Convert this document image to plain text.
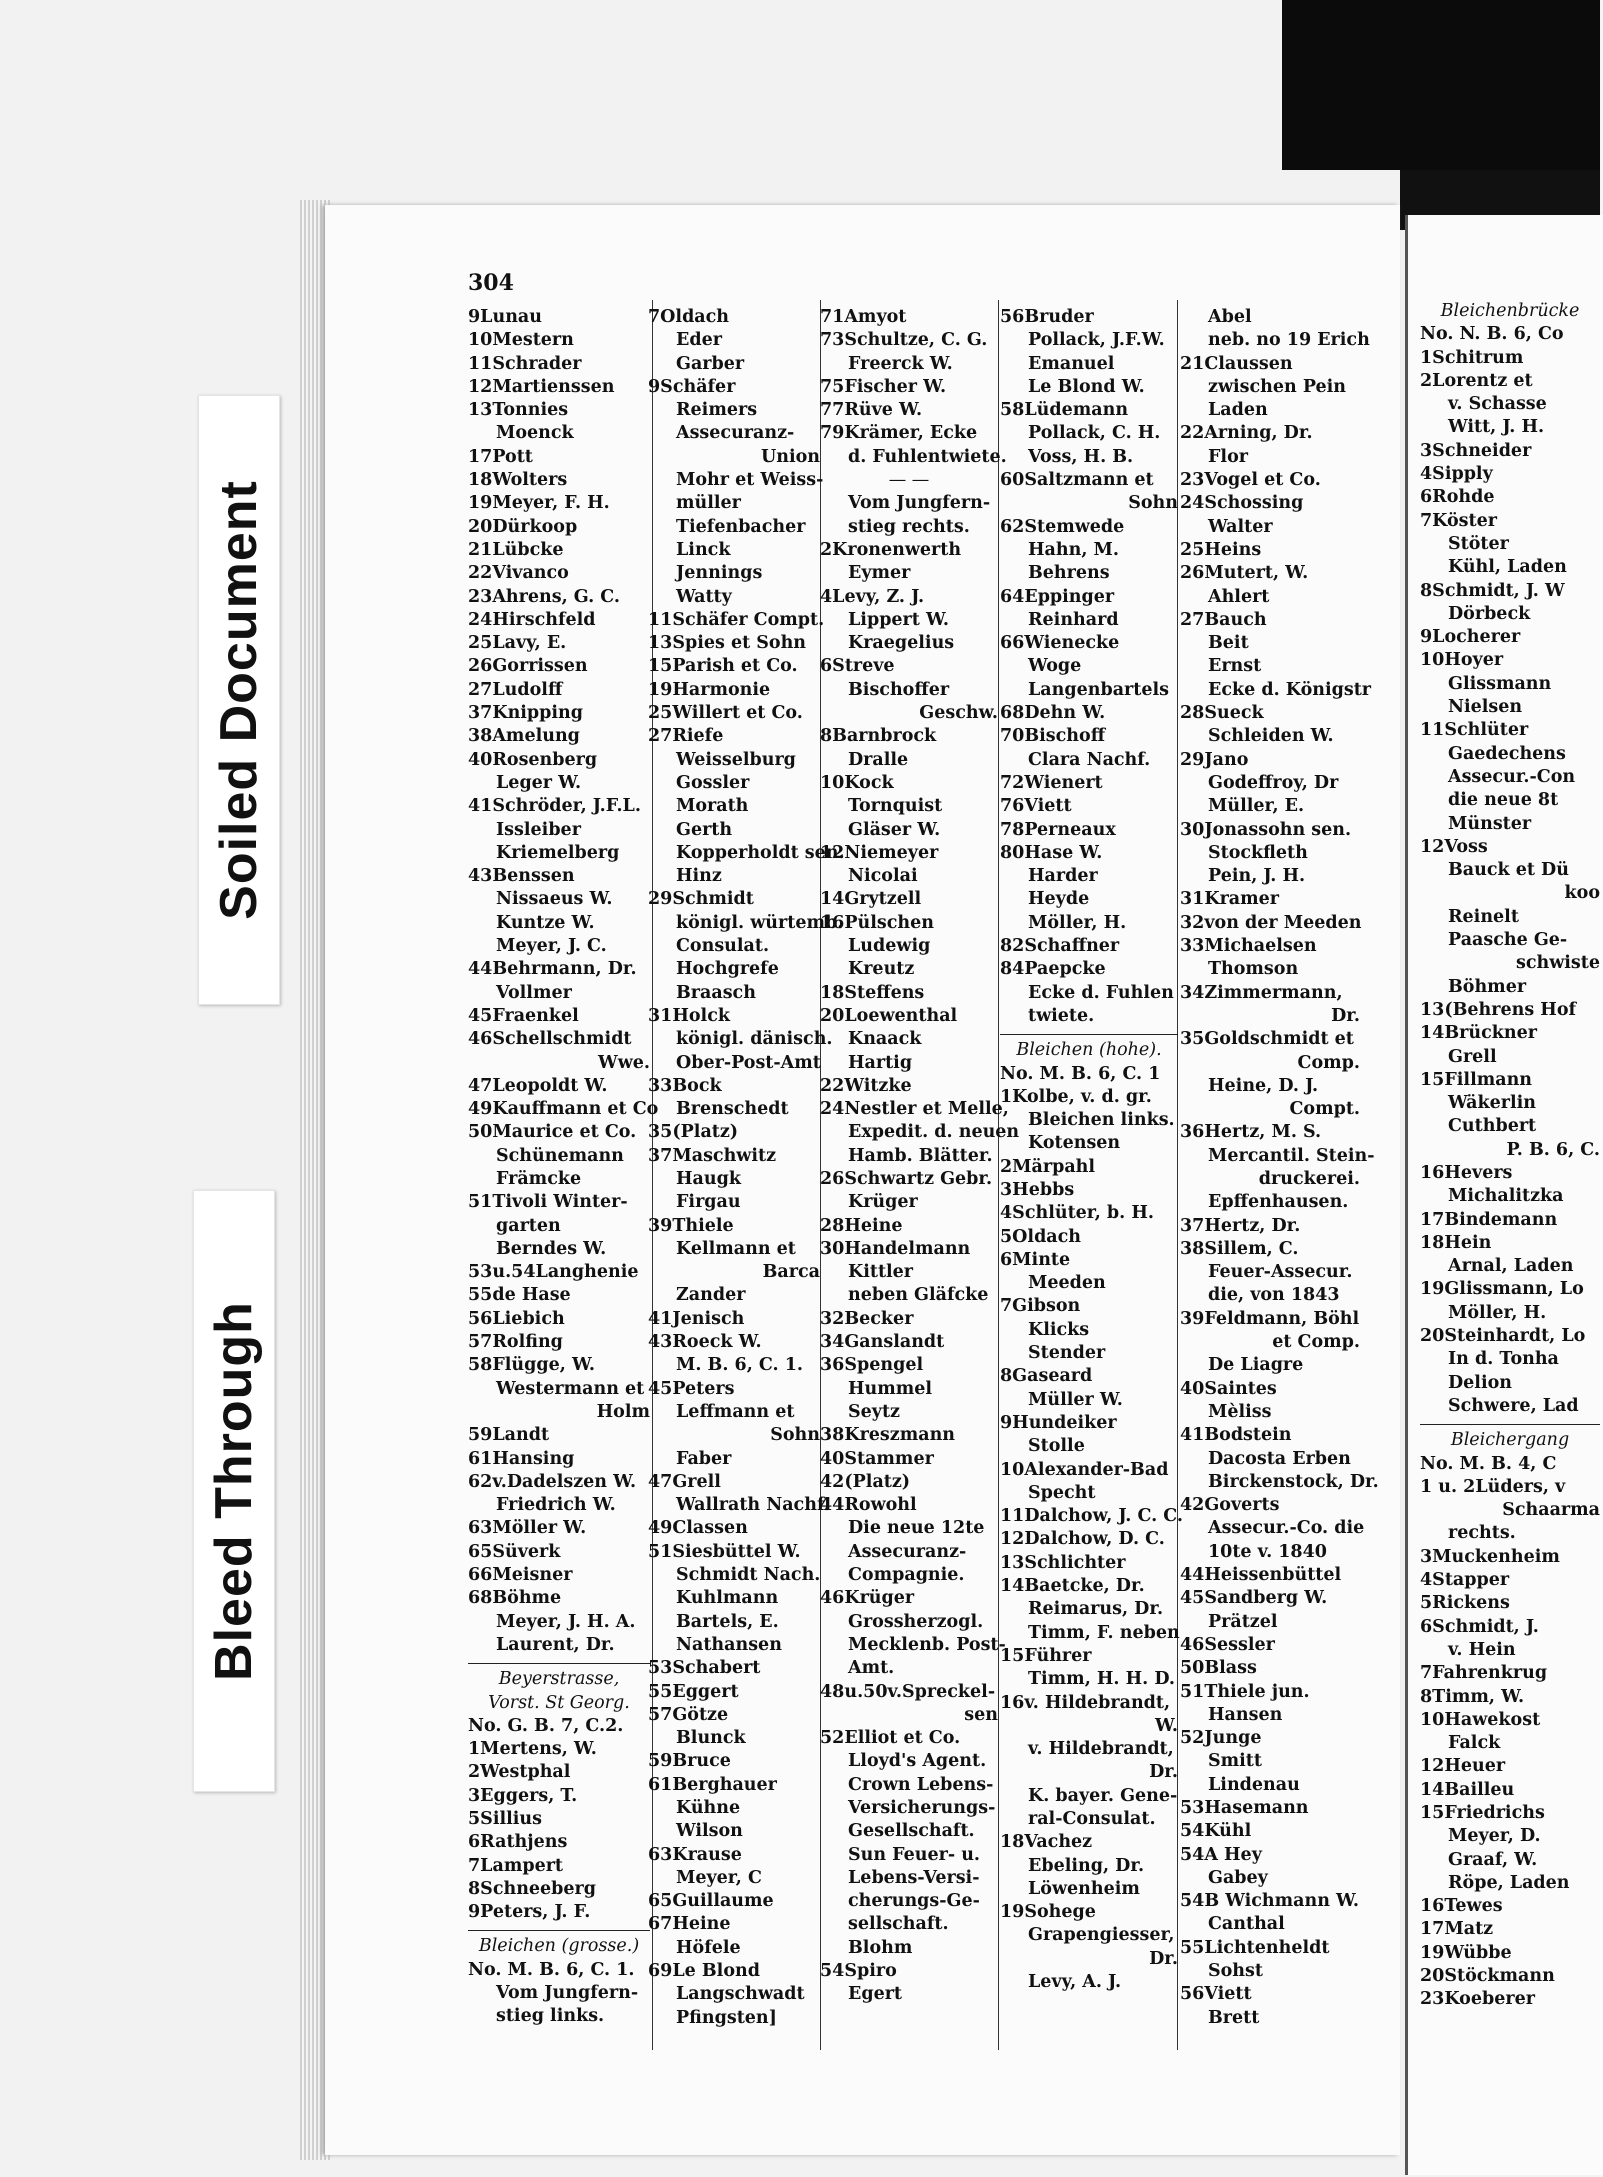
Soiled Document
Bleed Through
304
9Lunau
10Mestern
11Schrader
12Martienssen
13Tonnies
Moenck
17Pott
18Wolters
19Meyer, F. H.
20Dürkoop
21Lübcke
22Vivanco
23Ahrens, G. C.
24Hirschfeld
25Lavy, E.
26Gorrissen
27Ludolff
37Knipping
38Amelung
40Rosenberg
Leger W.
41Schröder, J.F.L.
Issleiber
Kriemelberg
43Benssen
Nissaeus W.
Kuntze W.
Meyer, J. C.
44Behrmann, Dr.
Vollmer
45Fraenkel
46Schellschmidt
Wwe.
47Leopoldt W.
49Kauffmann et Co
50Maurice et Co.
Schünemann
Främcke
51Tivoli Winter-
garten
Berndes W.
53u.54Langhenie
55de Hase
56Liebich
57Rolfing
58Flügge, W.
Westermann et
Holm
59Landt
61Hansing
62v.Dadelszen W.
Friedrich W.
63Möller W.
65Süverk
66Meisner
68Böhme
Meyer, J. H. A.
Laurent, Dr.
Beyerstrasse,
Vorst. St Georg.
No. G. B. 7, C.2.
1Mertens, W.
2Westphal
3Eggers, T.
5Sillius
6Rathjens
7Lampert
8Schneeberg
9Peters, J. F.
Bleichen (grosse.)
No. M. B. 6, C. 1.
Vom Jungfern-
stieg links.
7Oldach
Eder
Garber
9Schäfer
Reimers
Assecuranz-
Union
Mohr et Weiss-
müller
Tiefenbacher
Linck
Jennings
Watty
11Schäfer Compt.
13Spies et Sohn
15Parish et Co.
19Harmonie
25Willert et Co.
27Riefe
Weisselburg
Gossler
Morath
Gerth
Kopperholdt sen.
Hinz
29Schmidt
königl. würtemb.
Consulat.
Hochgrefe
Braasch
31Holck
königl. dänisch.
Ober-Post-Amt
33Bock
Brenschedt
35(Platz)
37Maschwitz
Haugk
Firgau
39Thiele
Kellmann et
Barca
Zander
41Jenisch
43Roeck W.
M. B. 6, C. 1.
45Peters
Leffmann et
Sohn
Faber
47Grell
Wallrath Nachf.
49Classen
51Siesbüttel W.
Schmidt Nach.
Kuhlmann
Bartels, E.
Nathansen
53Schabert
55Eggert
57Götze
Blunck
59Bruce
61Berghauer
Kühne
Wilson
63Krause
Meyer, C
65Guillaume
67Heine
Höfele
69Le Blond
Langschwadt
Pfingsten]
71Amyot
73Schultze, C. G.
Freerck W.
75Fischer W.
77Rüve W.
79Krämer, Ecke
d. Fuhlentwiete.
— —
Vom Jungfern-
stieg rechts.
2Kronenwerth
Eymer
4Levy, Z. J.
Lippert W.
Kraegelius
6Streve
Bischoffer
Geschw.
8Barnbrock
Dralle
10Kock
Tornquist
Gläser W.
12Niemeyer
Nicolai
14Grytzell
16Pülschen
Ludewig
Kreutz
18Steffens
20Loewenthal
Knaack
Hartig
22Witzke
24Nestler et Melle,
Expedit. d. neuen
Hamb. Blätter.
26Schwartz Gebr.
Krüger
28Heine
30Handelmann
Kittler
neben Gläfcke
32Becker
34Ganslandt
36Spengel
Hummel
Seytz
38Kreszmann
40Stammer
42(Platz)
44Rowohl
Die neue 12te
Assecuranz-
Compagnie.
46Krüger
Grossherzogl.
Mecklenb. Post-
Amt.
48u.50v.Spreckel-
sen
52Elliot et Co.
Lloyd's Agent.
Crown Lebens-
Versicherungs-
Gesellschaft.
Sun Feuer- u.
Lebens-Versi-
cherungs-Ge-
sellschaft.
Blohm
54Spiro
Egert
56Bruder
Pollack, J.F.W.
Emanuel
Le Blond W.
58Lüdemann
Pollack, C. H.
Voss, H. B.
60Saltzmann et
Sohn
62Stemwede
Hahn, M.
Behrens
64Eppinger
Reinhard
66Wienecke
Woge
Langenbartels
68Dehn W.
70Bischoff
Clara Nachf.
72Wienert
76Viett
78Perneaux
80Hase W.
Harder
Heyde
Möller, H.
82Schaffner
84Paepcke
Ecke d. Fuhlen
twiete.
Bleichen (hohe).
No. M. B. 6, C. 1
1Kolbe, v. d. gr.
Bleichen links.
Kotensen
2Märpahl
3Hebbs
4Schlüter, b. H.
5Oldach
6Minte
Meeden
7Gibson
Klicks
Stender
8Gaseard
Müller W.
9Hundeiker
Stolle
10Alexander-Bad
Specht
11Dalchow, J. C. C.
12Dalchow, D. C.
13Schlichter
14Baetcke, Dr.
Reimarus, Dr.
Timm, F. neben
15Führer
Timm, H. H. D.
16v. Hildebrandt,
W.
v. Hildebrandt,
Dr.
K. bayer. Gene-
ral-Consulat.
18Vachez
Ebeling, Dr.
Löwenheim
19Sohege
Grapengiesser,
Dr.
Levy, A. J.
Abel
neb. no 19 Erich
21Claussen
zwischen Pein
Laden
22Arning, Dr.
Flor
23Vogel et Co.
24Schossing
Walter
25Heins
26Mutert, W.
Ahlert
27Bauch
Beit
Ernst
Ecke d. Königstr
28Sueck
Schleiden W.
29Jano
Godeffroy, Dr
Müller, E.
30Jonassohn sen.
Stockfleth
Pein, J. H.
31Kramer
32von der Meeden
33Michaelsen
Thomson
34Zimmermann,
Dr.
35Goldschmidt et
Comp.
Heine, D. J.
Compt.
36Hertz, M. S.
Mercantil. Stein-
druckerei.
Epffenhausen.
37Hertz, Dr.
38Sillem, C.
Feuer-Assecur.
die, von 1843
39Feldmann, Böhl
et Comp.
De Liagre
40Saintes
Mèliss
41Bodstein
Dacosta Erben
Birckenstock, Dr.
42Goverts
Assecur.-Co. die
10te v. 1840
44Heissenbüttel
45Sandberg W.
Prätzel
46Sessler
50Blass
51Thiele jun.
Hansen
52Junge
Smitt
Lindenau
53Hasemann
54Kühl
54A Hey
Gabey
54B Wichmann W.
Canthal
55Lichtenheldt
Sohst
56Viett
Brett
Bleichenbrücke
No. N. B. 6, Co
1Schitrum
2Lorentz et
v. Schasse
Witt, J. H.
3Schneider
4Sipply
6Rohde
7Köster
Stöter
Kühl, Laden
8Schmidt, J. W
Dörbeck
9Locherer
10Hoyer
Glissmann
Nielsen
11Schlüter
Gaedechens
Assecur.-Con
die neue 8t
Münster
12Voss
Bauck et Dü
koo
Reinelt
Paasche Ge-
schwiste
Böhmer
13(Behrens Hof
14Brückner
Grell
15Fillmann
Wäkerlin
Cuthbert
P. B. 6, C.
16Hevers
Michalitzka
17Bindemann
18Hein
Arnal, Laden
19Glissmann, Lo
Möller, H.
20Steinhardt, Lo
In d. Tonha
Delion
Schwere, Lad
Bleichergang
No. M. B. 4, C
1 u. 2Lüders, v
Schaarma
rechts.
3Muckenheim
4Stapper
5Rickens
6Schmidt, J.
v. Hein
7Fahrenkrug
8Timm, W.
10Hawekost
Falck
12Heuer
14Bailleu
15Friedrichs
Meyer, D.
Graaf, W.
Röpe, Laden
16Tewes
17Matz
19Wübbe
20Stöckmann
23Koeberer
